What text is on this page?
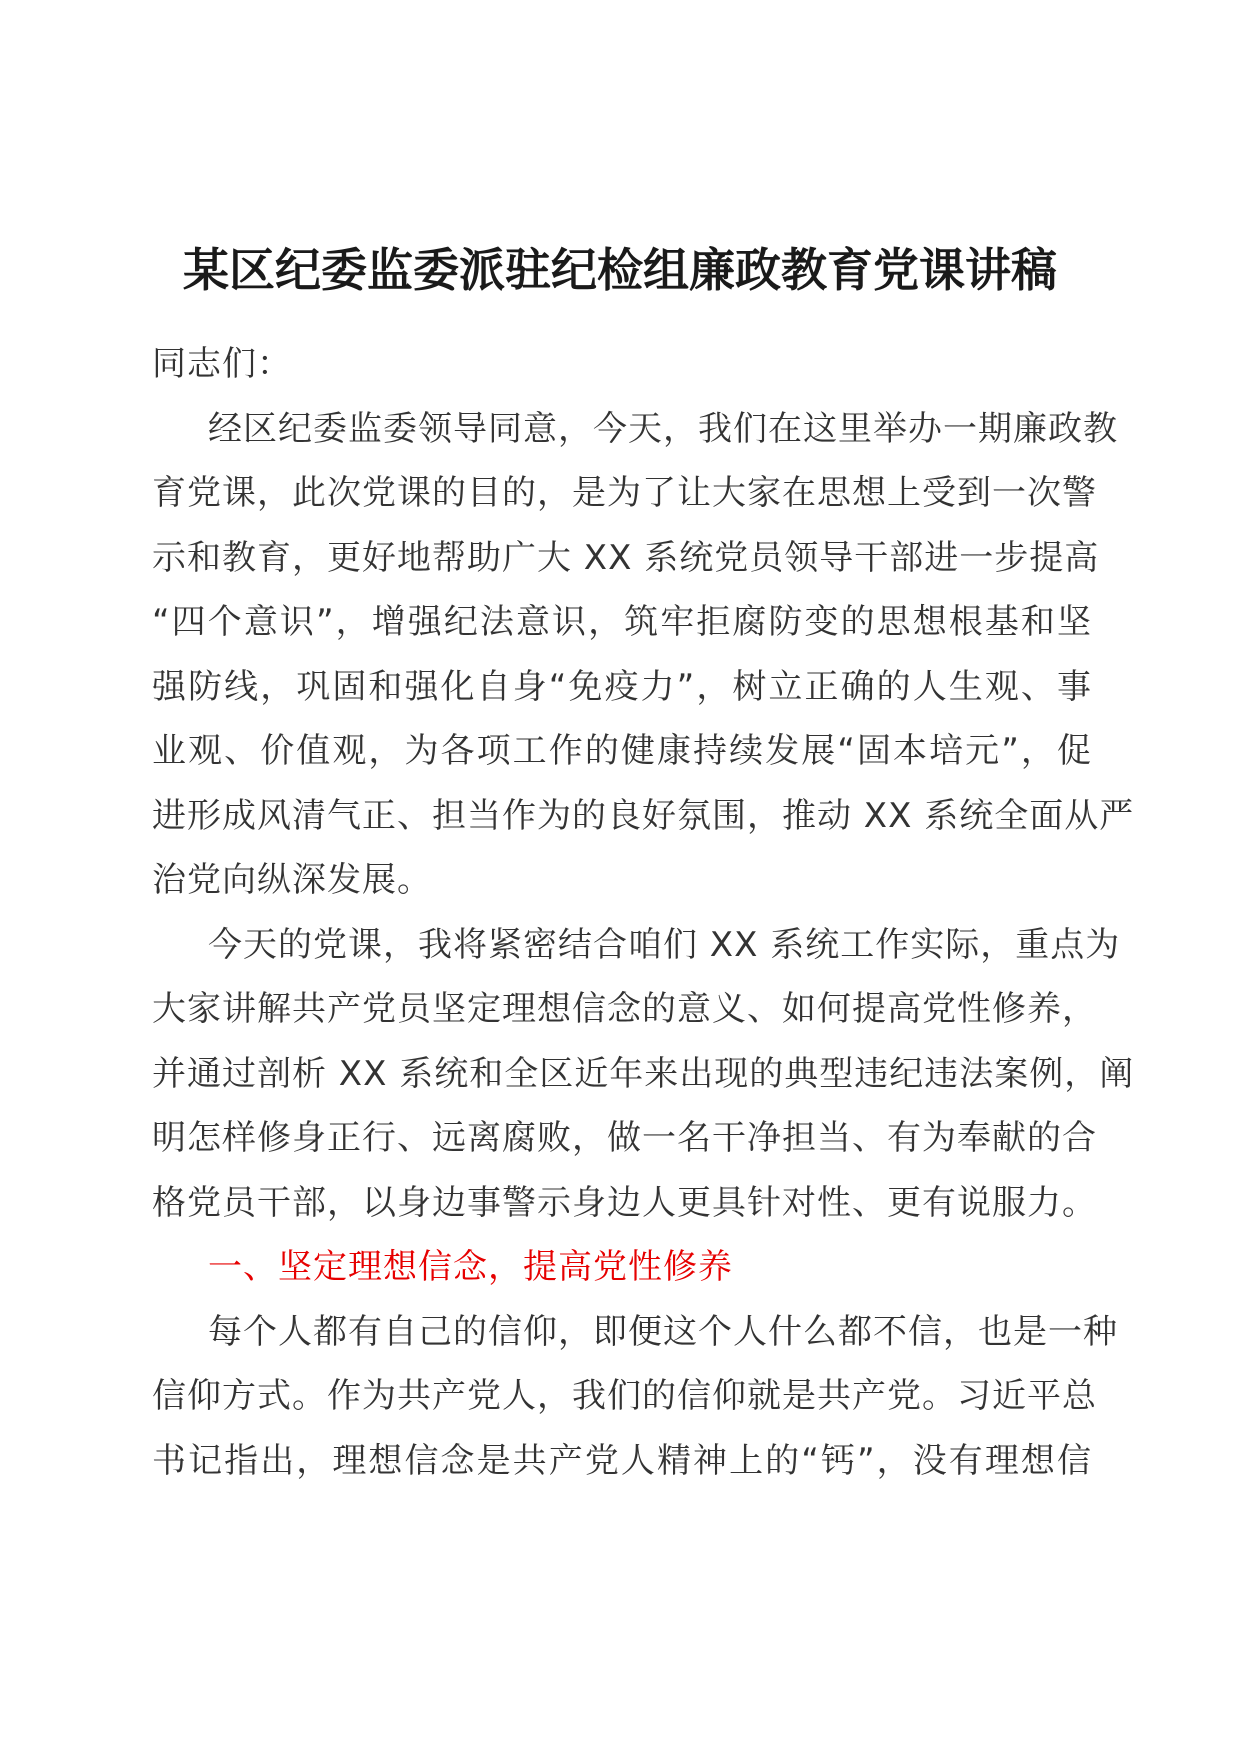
某区纪委监委派驻纪检组廉政教育党课讲稿
同志们：
经区纪委监委领导同意，今天，我们在这里举办一期廉政教
育党课，此次党课的目的，是为了让大家在思想上受到一次警
示和教育，更好地帮助广大 XX 系统党员领导干部进一步提高
“四个意识”，增强纪法意识，筑牢拒腐防变的思想根基和坚
强防线，巩固和强化自身“免疫力”，树立正确的人生观、事
业观、价值观，为各项工作的健康持续发展“固本培元”，促
进形成风清气正、担当作为的良好氛围，推动 XX 系统全面从严
治党向纵深发展。
今天的党课，我将紧密结合咱们 XX 系统工作实际，重点为
大家讲解共产党员坚定理想信念的意义、如何提高党性修养，
并通过剖析 XX 系统和全区近年来出现的典型违纪违法案例，阐
明怎样修身正行、远离腐败，做一名干净担当、有为奉献的合
格党员干部，以身边事警示身边人更具针对性、更有说服力。
一、坚定理想信念，提高党性修养
每个人都有自己的信仰，即便这个人什么都不信，也是一种
信仰方式。作为共产党人，我们的信仰就是共产党。习近平总
书记指出，理想信念是共产党人精神上的“钙”，没有理想信
